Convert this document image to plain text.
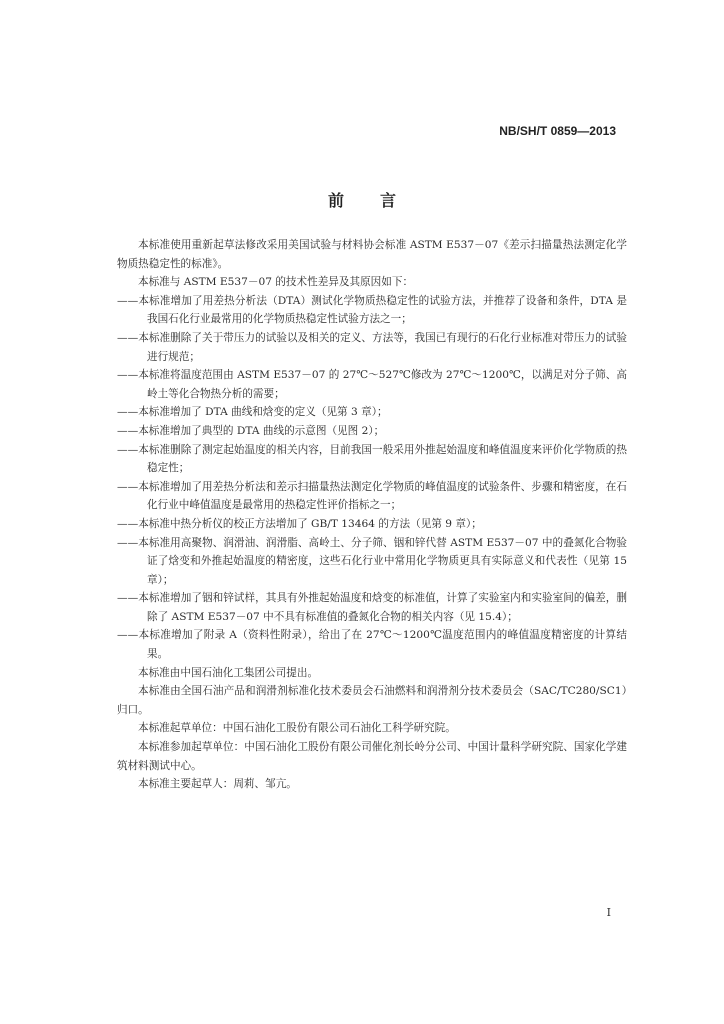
NB/SH/T 0859—2013
前言

本标准使用重新起草法修改采用美国试验与材料协会标准 ASTM E537－07《差示扫描量热法测定化学物质热稳定性的标准》。

本标准与 ASTM E537－07 的技术性差异及其原因如下：

——本标准增加了用差热分析法（DTA）测试化学物质热稳定性的试验方法，并推荐了设备和条件，DTA 是我国石化行业最常用的化学物质热稳定性试验方法之一；

——本标准删除了关于带压力的试验以及相关的定义、方法等，我国已有现行的石化行业标准对带压力的试验进行规范；

——本标准将温度范围由 ASTM E537－07 的 27℃～527℃修改为 27℃～1200℃，以满足对分子筛、高岭土等化合物热分析的需要；

——本标准增加了 DTA 曲线和焓变的定义（见第 3 章）；

——本标准增加了典型的 DTA 曲线的示意图（见图 2）；

——本标准删除了测定起始温度的相关内容，目前我国一般采用外推起始温度和峰值温度来评价化学物质的热稳定性；

——本标准增加了用差热分析法和差示扫描量热法测定化学物质的峰值温度的试验条件、步骤和精密度，在石化行业中峰值温度是最常用的热稳定性评价指标之一；

——本标准中热分析仪的校正方法增加了 GB/T 13464 的方法（见第 9 章）；

——本标准用高聚物、润滑油、润滑脂、高岭土、分子筛、铟和锌代替 ASTM E537－07 中的叠氮化合物验证了焓变和外推起始温度的精密度，这些石化行业中常用化学物质更具有实际意义和代表性（见第 15 章）；

——本标准增加了铟和锌试样，其具有外推起始温度和焓变的标准值，计算了实验室内和实验室间的偏差，删除了 ASTM E537－07 中不具有标准值的叠氮化合物的相关内容（见 15.4）；

——本标准增加了附录 A（资料性附录），给出了在 27℃～1200℃温度范围内的峰值温度精密度的计算结果。

本标准由中国石油化工集团公司提出。

本标准由全国石油产品和润滑剂标准化技术委员会石油燃料和润滑剂分技术委员会（SAC/TC280/SC1）归口。

本标准起草单位：中国石油化工股份有限公司石油化工科学研究院。

本标准参加起草单位：中国石油化工股份有限公司催化剂长岭分公司、中国计量科学研究院、国家化学建筑材料测试中心。

本标准主要起草人：周莉、邹亢。

I
